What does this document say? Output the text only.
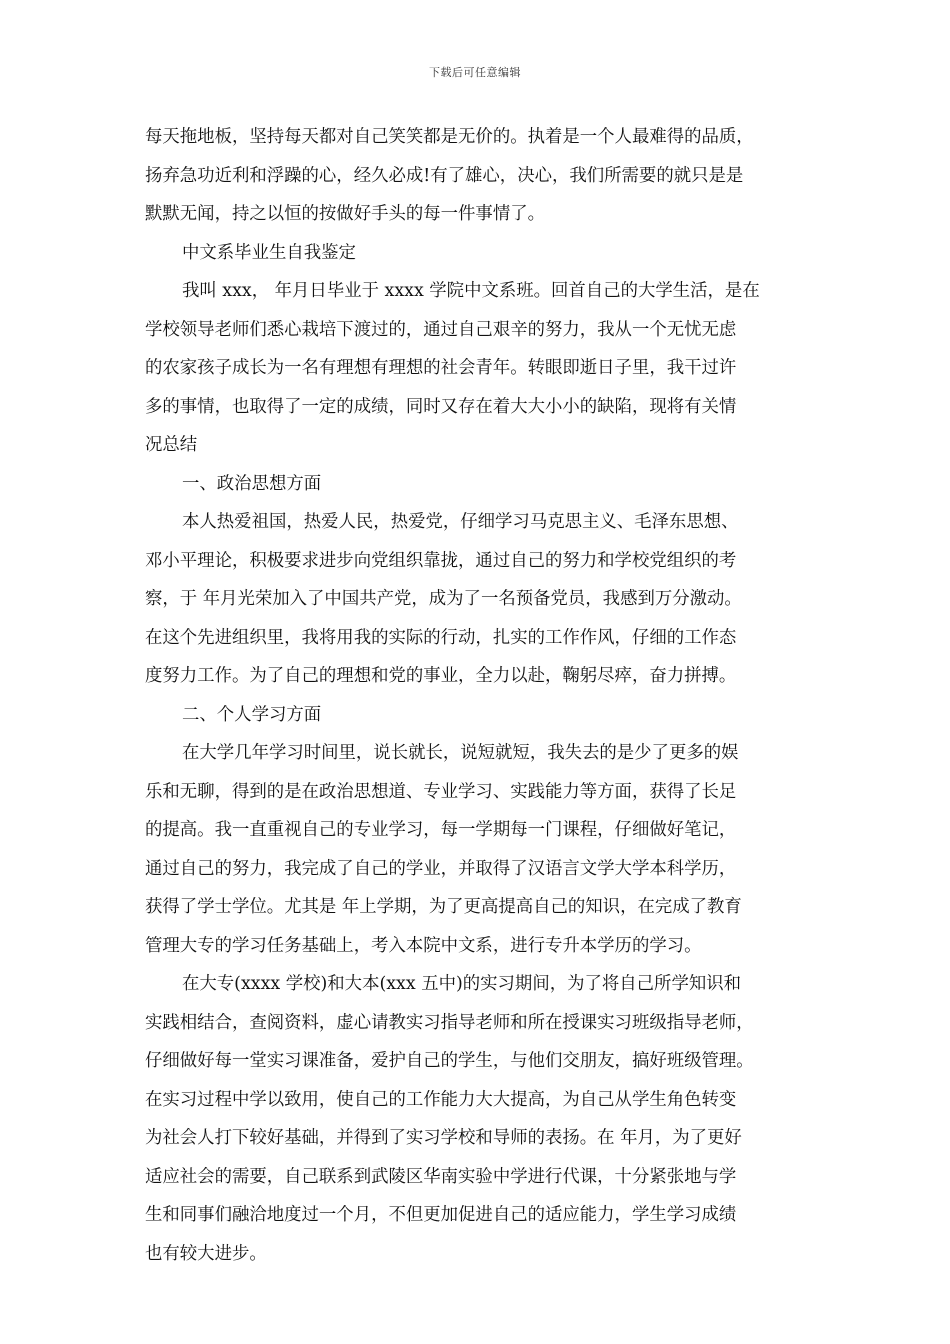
下载后可任意编辑
每天拖地板，坚持每天都对自己笑笑都是无价的。执着是一个人最难得的品质，
扬弃急功近利和浮躁的心，经久必成!有了雄心，决心，我们所需要的就只是是
默默无闻，持之以恒的按做好手头的每一件事情了。
中文系毕业生自我鉴定
我叫 xxx， 年月日毕业于 xxxx 学院中文系班。回首自己的大学生活，是在
学校领导老师们悉心栽培下渡过的，通过自己艰辛的努力，我从一个无忧无虑
的农家孩子成长为一名有理想有理想的社会青年。转眼即逝日子里，我干过许
多的事情，也取得了一定的成绩，同时又存在着大大小小的缺陷，现将有关情
况总结
一、政治思想方面
本人热爱祖国，热爱人民，热爱党，仔细学习马克思主义、毛泽东思想、
邓小平理论，积极要求进步向党组织靠拢，通过自己的努力和学校党组织的考
察，于 年月光荣加入了中国共产党，成为了一名预备党员，我感到万分激动。
在这个先进组织里，我将用我的实际的行动，扎实的工作作风，仔细的工作态
度努力工作。为了自己的理想和党的事业，全力以赴，鞠躬尽瘁，奋力拼搏。
二、个人学习方面
在大学几年学习时间里，说长就长，说短就短，我失去的是少了更多的娱
乐和无聊，得到的是在政治思想道、专业学习、实践能力等方面，获得了长足
的提高。我一直重视自己的专业学习，每一学期每一门课程，仔细做好笔记，
通过自己的努力，我完成了自己的学业，并取得了汉语言文学大学本科学历，
获得了学士学位。尤其是 年上学期，为了更高提高自己的知识，在完成了教育
管理大专的学习任务基础上，考入本院中文系，进行专升本学历的学习。
在大专(xxxx 学校)和大本(xxx 五中)的实习期间，为了将自己所学知识和
实践相结合，查阅资料，虚心请教实习指导老师和所在授课实习班级指导老师，
仔细做好每一堂实习课准备，爱护自己的学生，与他们交朋友，搞好班级管理。
在实习过程中学以致用，使自己的工作能力大大提高，为自己从学生角色转变
为社会人打下较好基础，并得到了实习学校和导师的表扬。在 年月，为了更好
适应社会的需要，自己联系到武陵区华南实验中学进行代课，十分紧张地与学
生和同事们融洽地度过一个月，不但更加促进自己的适应能力，学生学习成绩
也有较大进步。
